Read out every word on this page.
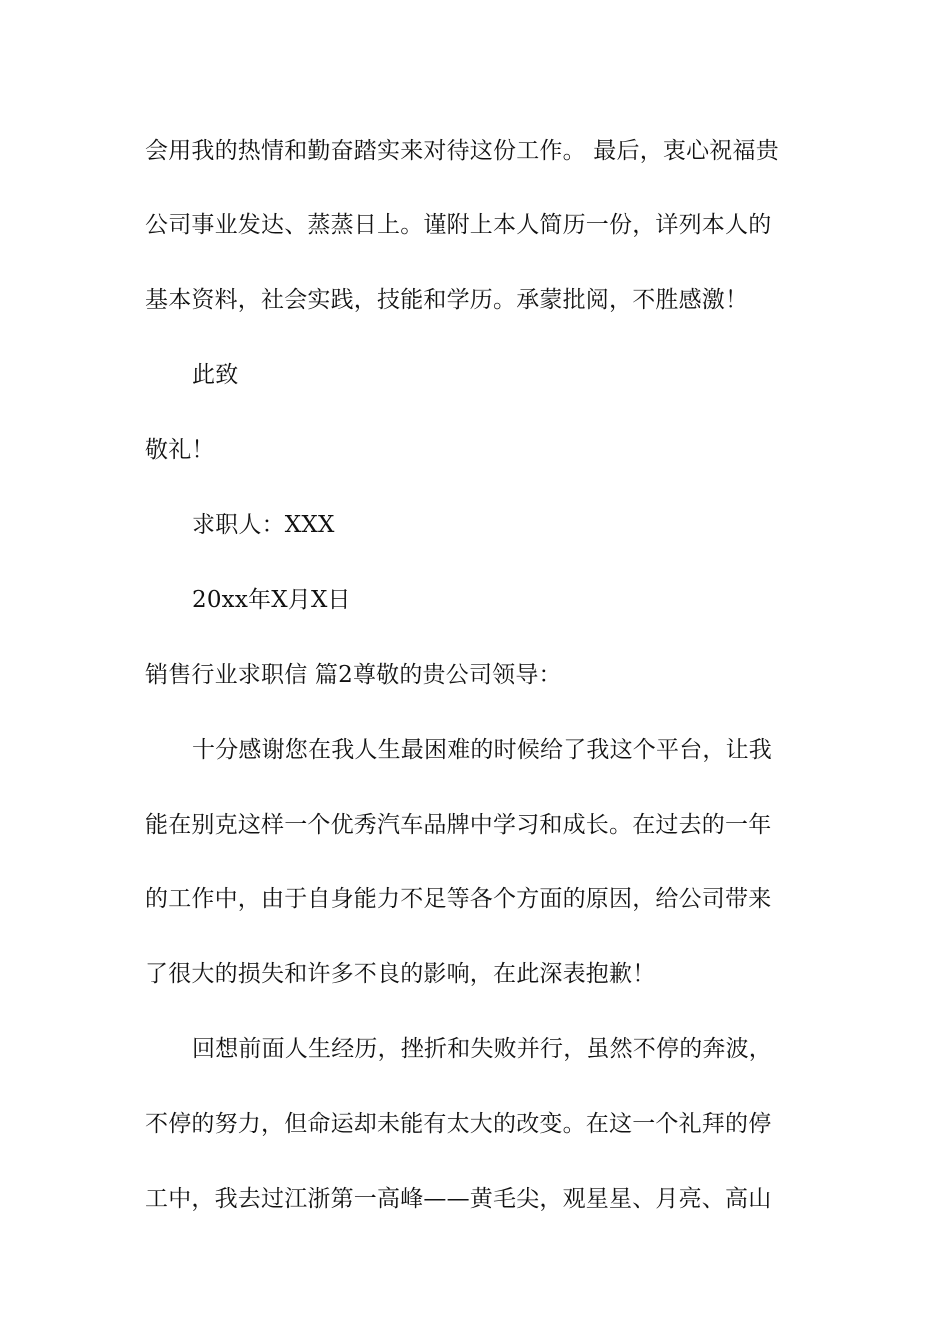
会用我的热情和勤奋踏实来对待这份工作。 最后，衷心祝福贵
公司事业发达、蒸蒸日上。谨附上本人简历一份，详列本人的
基本资料，社会实践，技能和学历。承蒙批阅，不胜感激！
此致
敬礼！
求职人：XXX
20xx年X月X日
销售行业求职信 篇2尊敬的贵公司领导：
十分感谢您在我人生最困难的时候给了我这个平台，让我
能在别克这样一个优秀汽车品牌中学习和成长。在过去的一年
的工作中，由于自身能力不足等各个方面的原因，给公司带来
了很大的损失和许多不良的影响，在此深表抱歉！
回想前面人生经历，挫折和失败并行，虽然不停的奔波，
不停的努力，但命运却未能有太大的改变。在这一个礼拜的停
工中，我去过江浙第一高峰——黄毛尖，观星星、月亮、高山
